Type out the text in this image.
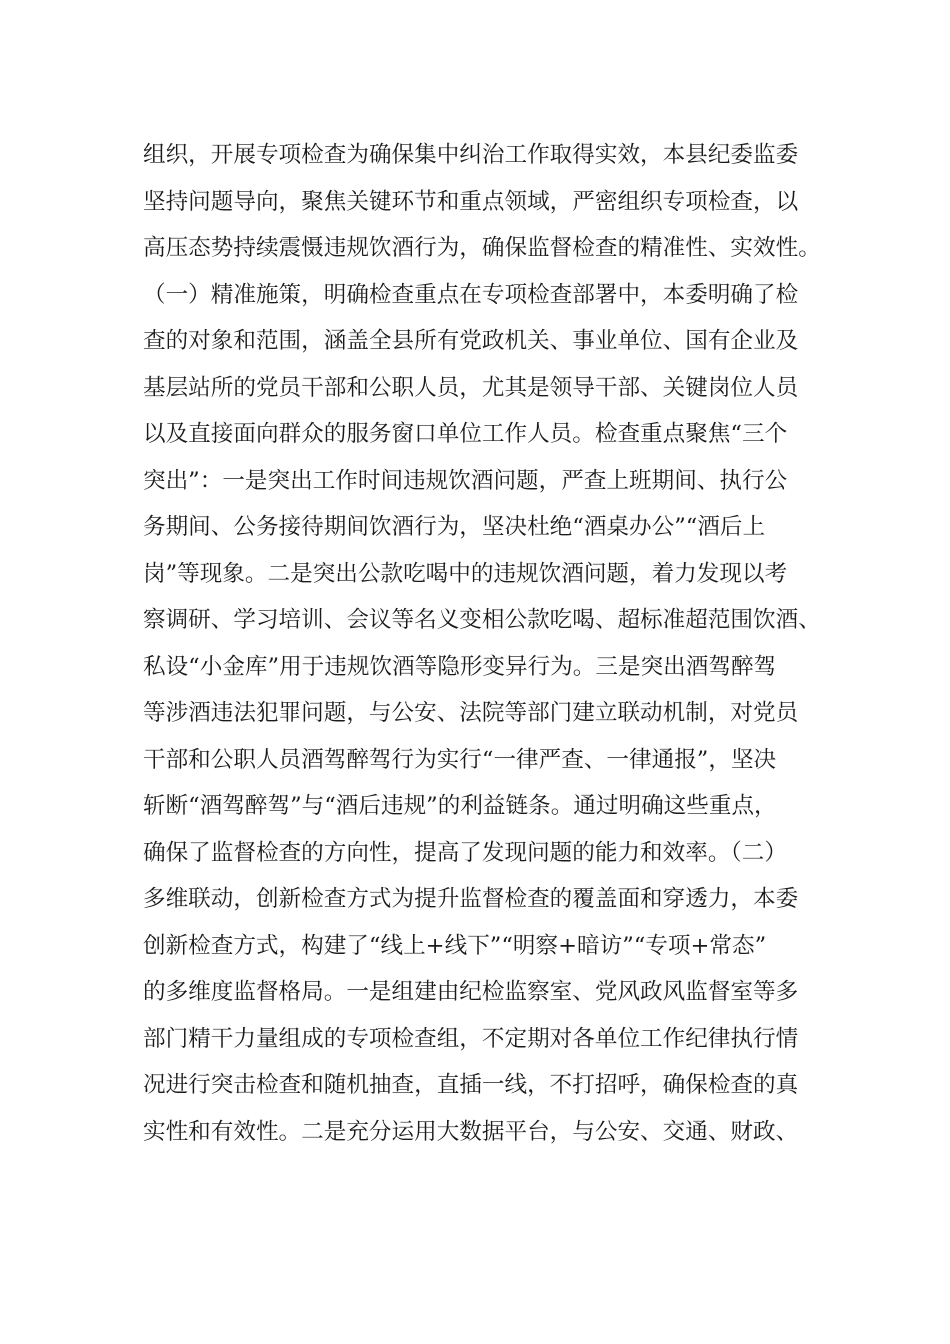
组织，开展专项检查为确保集中纠治工作取得实效，本县纪委监委
坚持问题导向，聚焦关键环节和重点领域，严密组织专项检查，以
高压态势持续震慑违规饮酒行为，确保监督检查的精准性、实效性。
（一）精准施策，明确检查重点在专项检查部署中，本委明确了检
查的对象和范围，涵盖全县所有党政机关、事业单位、国有企业及
基层站所的党员干部和公职人员，尤其是领导干部、关键岗位人员
以及直接面向群众的服务窗口单位工作人员。检查重点聚焦“三个
突出”：一是突出工作时间违规饮酒问题，严查上班期间、执行公
务期间、公务接待期间饮酒行为，坚决杜绝“酒桌办公”“酒后上
岗”等现象。二是突出公款吃喝中的违规饮酒问题，着力发现以考
察调研、学习培训、会议等名义变相公款吃喝、超标准超范围饮酒、
私设“小金库”用于违规饮酒等隐形变异行为。三是突出酒驾醉驾
等涉酒违法犯罪问题，与公安、法院等部门建立联动机制，对党员
干部和公职人员酒驾醉驾行为实行“一律严查、一律通报”，坚决
斩断“酒驾醉驾”与“酒后违规”的利益链条。通过明确这些重点，
确保了监督检查的方向性，提高了发现问题的能力和效率。（二）
多维联动，创新检查方式为提升监督检查的覆盖面和穿透力，本委
创新检查方式，构建了“线上+线下”“明察+暗访”“专项+常态”
的多维度监督格局。一是组建由纪检监察室、党风政风监督室等多
部门精干力量组成的专项检查组，不定期对各单位工作纪律执行情
况进行突击检查和随机抽查，直插一线，不打招呼，确保检查的真
实性和有效性。二是充分运用大数据平台，与公安、交通、财政、
